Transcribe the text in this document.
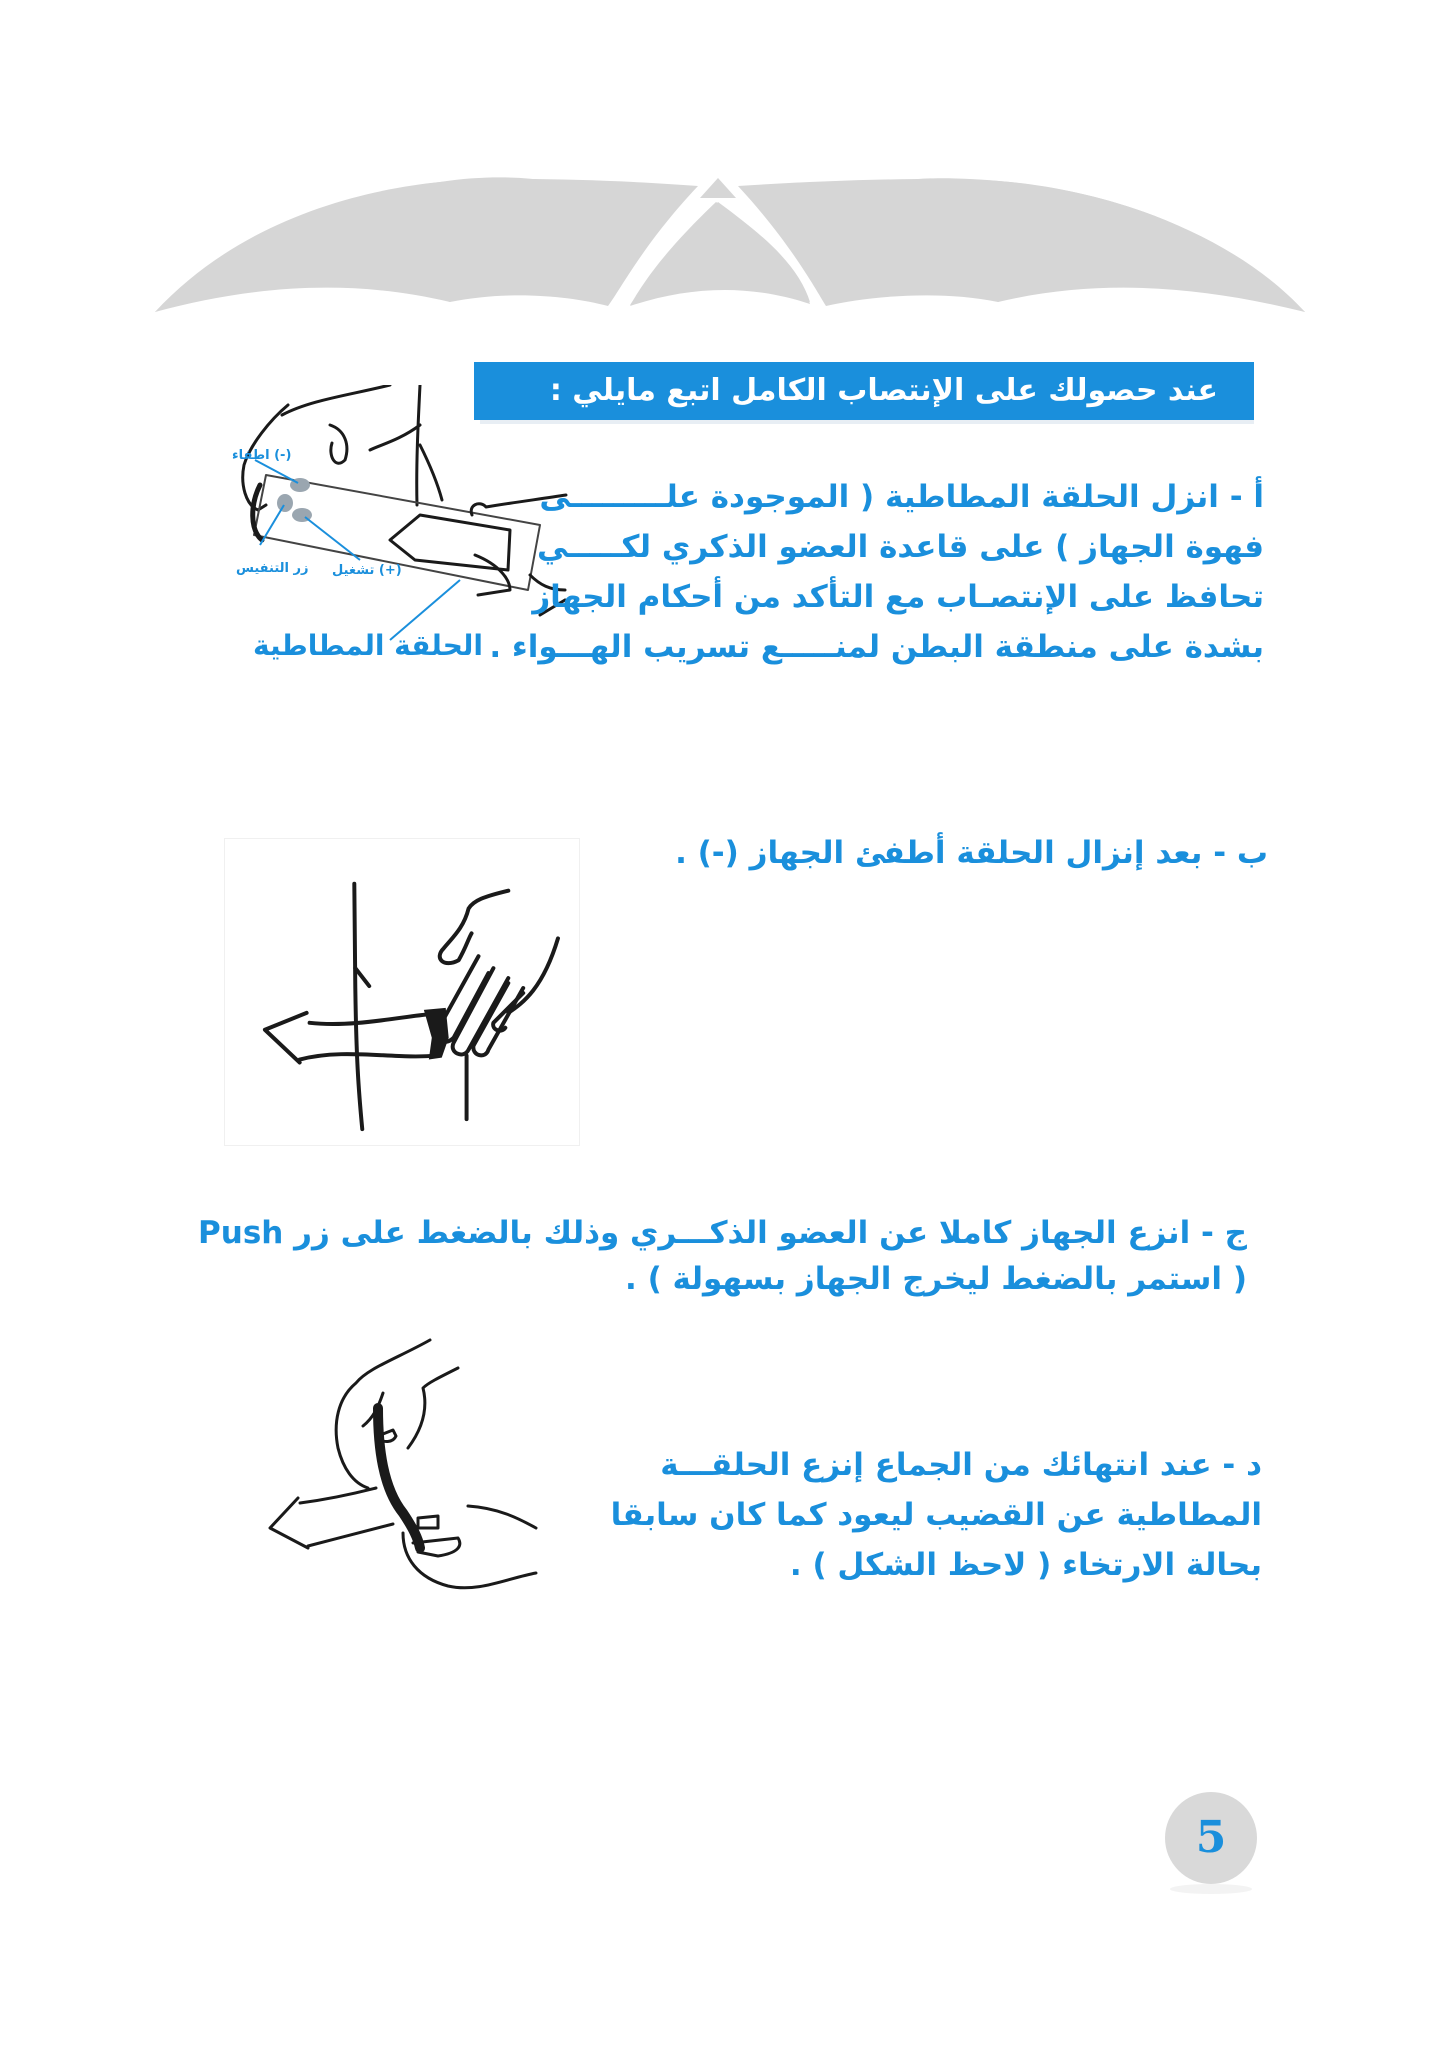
عند حصولك على الإنتصاب الكامل اتبع مايلي :
(-) اطفاء
(+) تشغيل
زر التنفيس
الحلقة المطاطية
أ - انزل الحلقة المطاطية ( الموجودة علـــــــــى
فهوة الجهاز ) على قاعدة العضو الذكري لكـــــي
تحافظ على الإنتصـاب مع التأكد من أحكام الجهاز
بشدة على منطقة البطن لمنـــــع تسريب الهـــواء .
ب - بعد إنزال الحلقة أطفئ الجهاز (-) .
ج - انزع الجهاز كاملا عن العضو الذكـــري وذلك بالضغط على زر Push
( استمر بالضغط ليخرج الجهاز بسهولة ) .
د - عند انتهائك من الجماع إنزع الحلقـــة
المطاطية عن القضيب ليعود كما كان سابقا
بحالة الارتخاء ( لاحظ الشكل ) .
5
